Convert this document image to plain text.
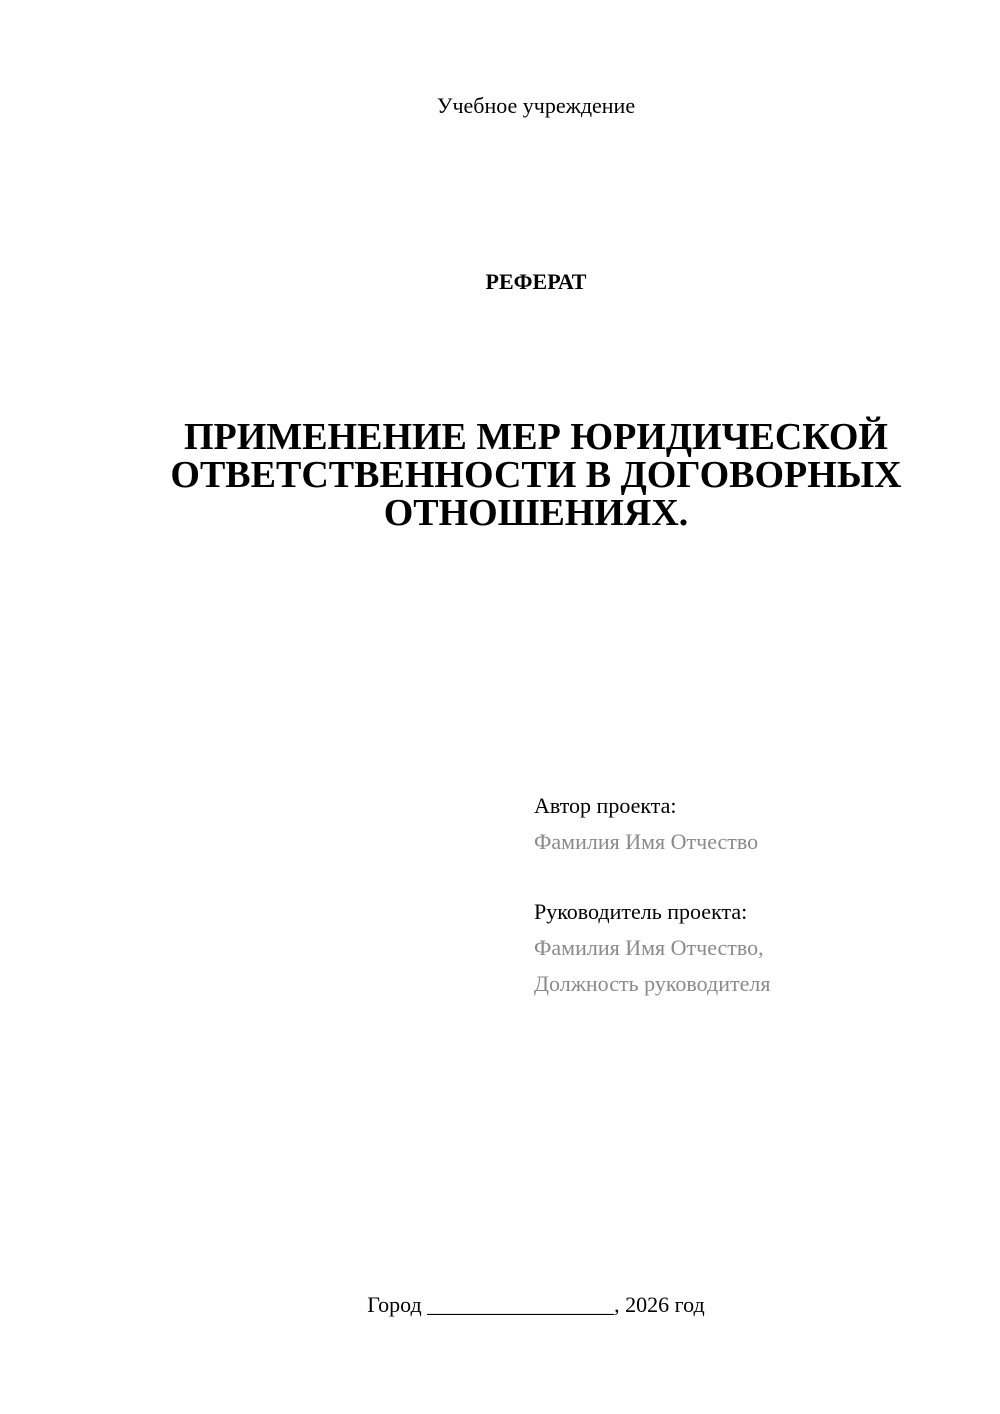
Учебное учреждение
РЕФЕРАТ
ПРИМЕНЕНИЕ МЕР ЮРИДИЧЕСКОЙ
ОТВЕТСТВЕННОСТИ В ДОГОВОРНЫХ
ОТНОШЕНИЯХ.
Автор проекта:
Фамилия Имя Отчество
Руководитель проекта:
Фамилия Имя Отчество,
Должность руководителя
Город _________________, 2026 год
